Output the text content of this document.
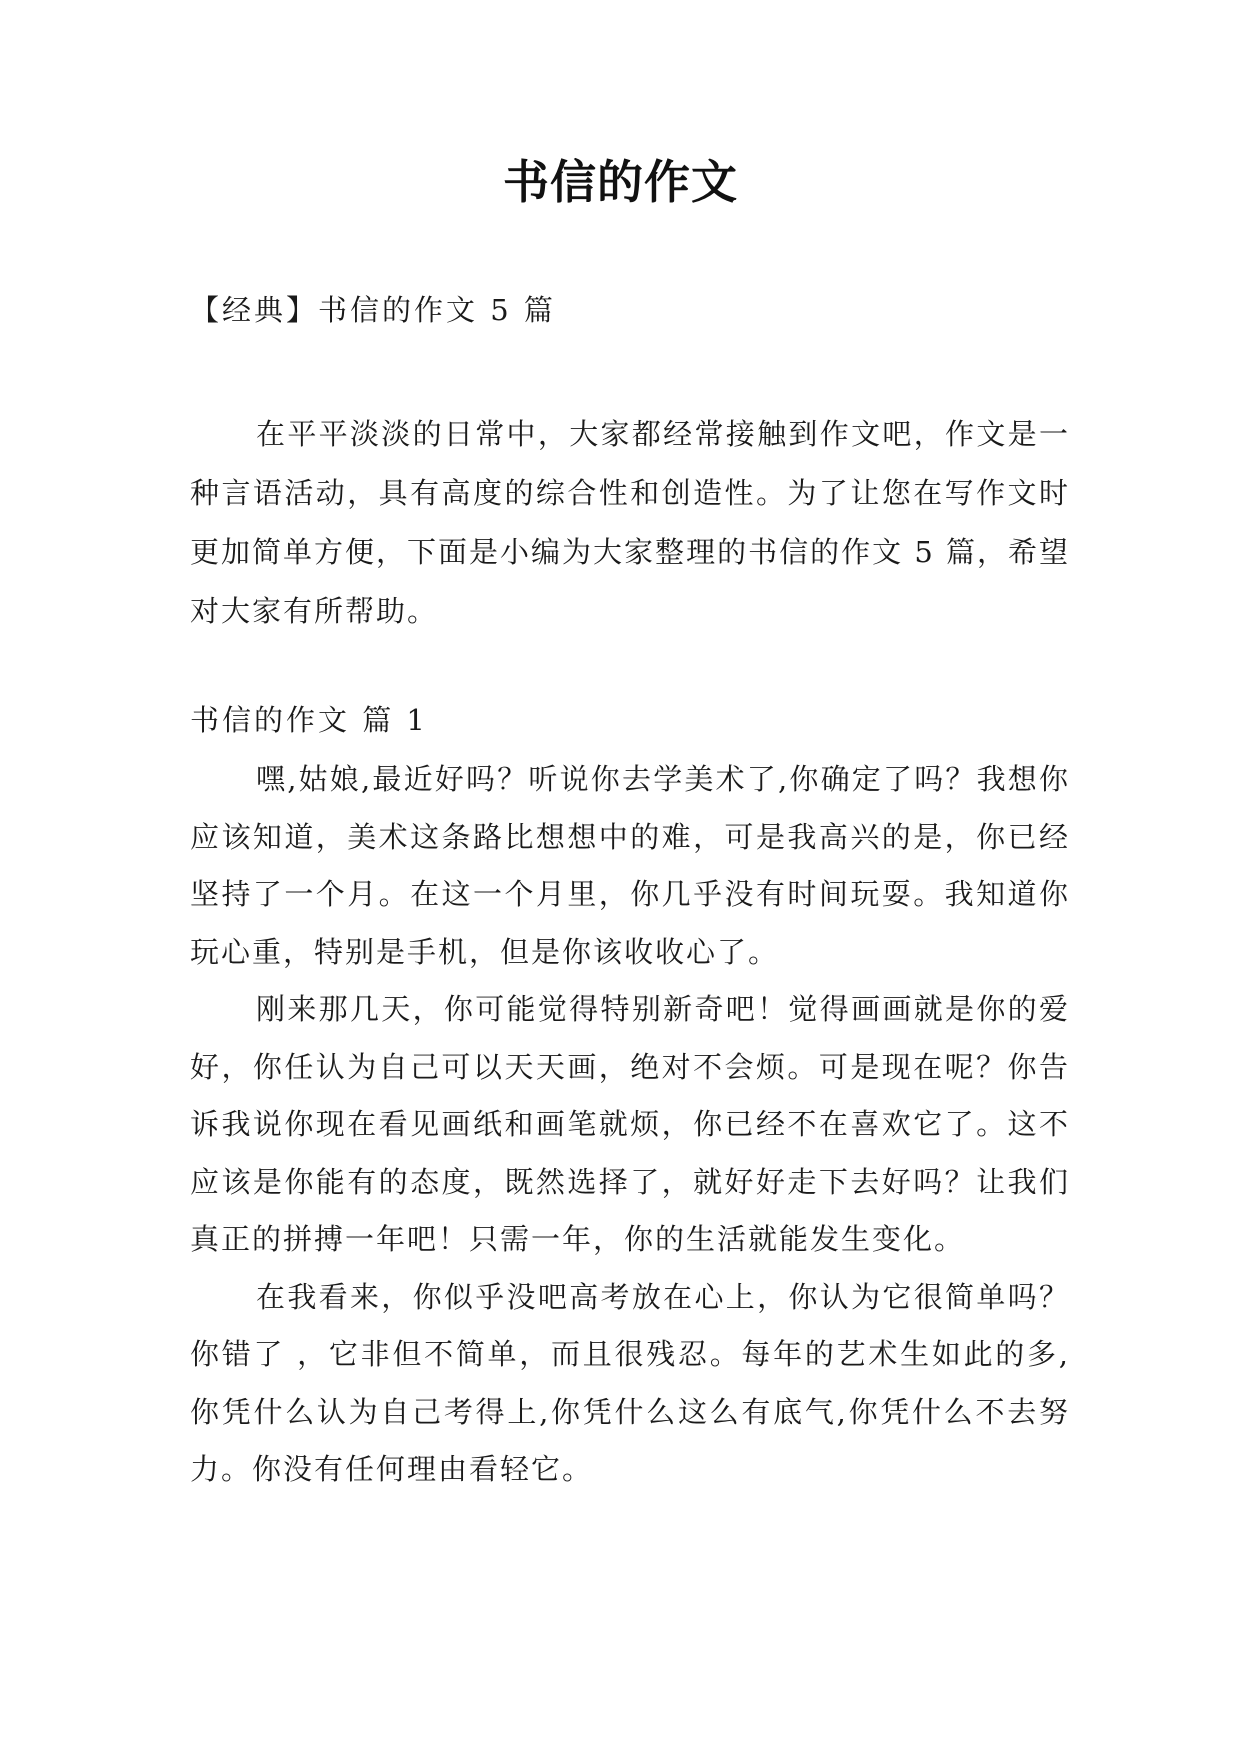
书信的作文
【经典】书信的作文 5 篇

在平平淡淡的日常中，大家都经常接触到作文吧，作文是一种言语活动，具有高度的综合性和创造性。为了让您在写作文时更加简单方便，下面是小编为大家整理的书信的作文 5 篇，希望对大家有所帮助。

书信的作文 篇 1

嘿,姑娘,最近好吗？听说你去学美术了,你确定了吗？我想你应该知道，美术这条路比想想中的难，可是我高兴的是，你已经坚持了一个月。在这一个月里，你几乎没有时间玩耍。我知道你玩心重，特别是手机，但是你该收收心了。

刚来那几天，你可能觉得特别新奇吧！觉得画画就是你的爱好，你任认为自己可以天天画，绝对不会烦。可是现在呢？你告诉我说你现在看见画纸和画笔就烦，你已经不在喜欢它了。这不应该是你能有的态度，既然选择了，就好好走下去好吗？让我们真正的拼搏一年吧！只需一年，你的生活就能发生变化。

在我看来，你似乎没吧高考放在心上，你认为它很简单吗？你错了 ，它非但不简单，而且很残忍。每年的艺术生如此的多,你凭什么认为自己考得上,你凭什么这么有底气,你凭什么不去努力。你没有任何理由看轻它。
